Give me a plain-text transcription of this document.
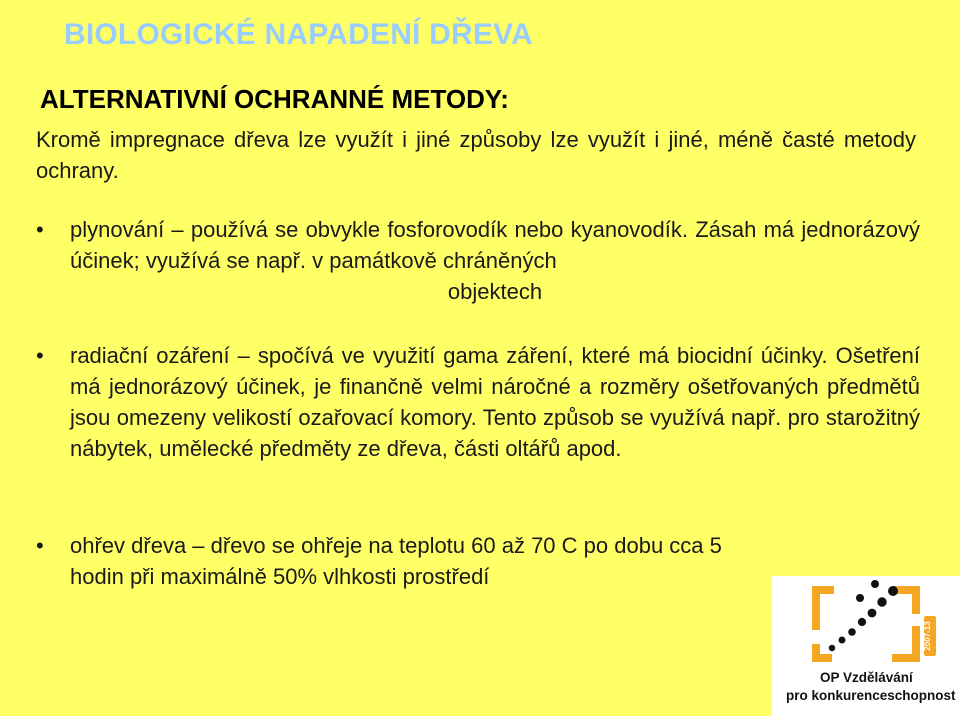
BIOLOGICKÉ NAPADENÍ DŘEVA
ALTERNATIVNÍ OCHRANNÉ METODY:
Kromě impregnace dřeva lze využít i jiné způsoby lze využít i jiné, méně časté metody ochrany.
• plynování – používá se obvykle fosforovodík nebo kyanovodík. Zásah má jednorázový účinek; využívá se např. v památkově chráněných
objektech
• radiační ozáření – spočívá ve využití gama záření, které má biocidní účinky. Ošetření má jednorázový účinek, je finančně velmi náročné a rozměry ošetřovaných předmětů jsou omezeny velikostí ozařovací komory. Tento způsob se využívá např. pro starožitný nábytek, umělecké předměty ze dřeva, části oltářů apod.
• ohřev dřeva – dřevo se ohřeje na teplotu 60 až 70 C po dobu cca 5 hodin při maximálně 50% vlhkosti prostředí
2007-13
OP Vzdělávání
pro konkurenceschopnost
